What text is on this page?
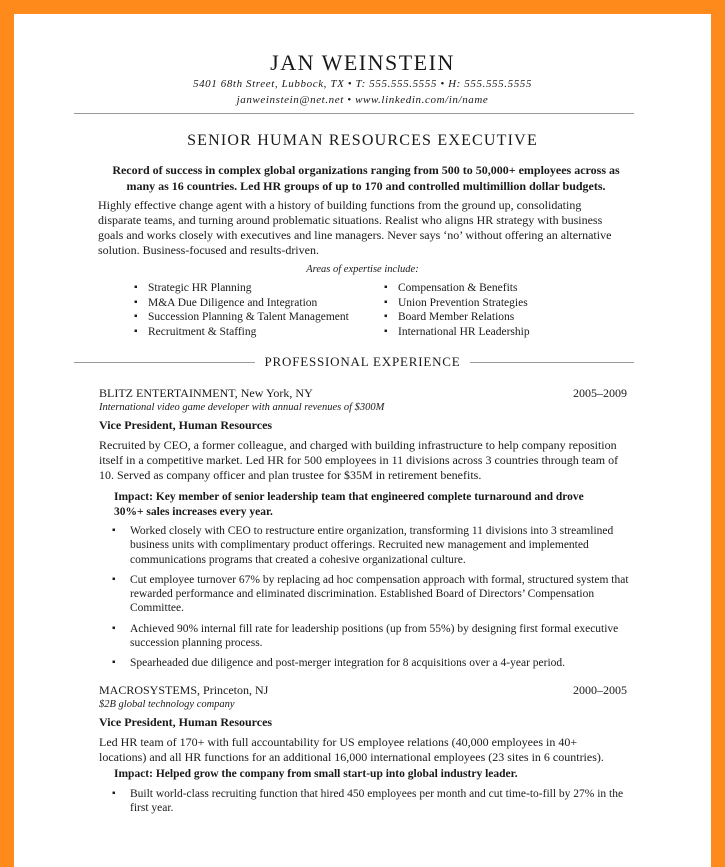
JAN WEINSTEIN
5401 68th Street, Lubbock, TX • T: 555.555.5555 • H: 555.555.5555
janweinstein@net.net • www.linkedin.com/in/name
SENIOR HUMAN RESOURCES EXECUTIVE
Record of success in complex global organizations ranging from 500 to 50,000+ employees across as many as 16 countries. Led HR groups of up to 170 and controlled multimillion dollar budgets.
Highly effective change agent with a history of building functions from the ground up, consolidating disparate teams, and turning around problematic situations. Realist who aligns HR strategy with business goals and works closely with executives and line managers. Never says ‘no’ without offering an alternative solution. Business-focused and results-driven.
Areas of expertise include:
▪ Strategic HR Planning
▪ M&A Due Diligence and Integration
▪ Succession Planning & Talent Management
▪ Recruitment & Staffing
▪ Compensation & Benefits
▪ Union Prevention Strategies
▪ Board Member Relations
▪ International HR Leadership
PROFESSIONAL EXPERIENCE
BLITZ ENTERTAINMENT, New York, NY	2005–2009
International video game developer with annual revenues of $300M
Vice President, Human Resources
Recruited by CEO, a former colleague, and charged with building infrastructure to help company reposition itself in a competitive market. Led HR for 500 employees in 11 divisions across 3 countries through team of 10. Served as company officer and plan trustee for $35M in retirement benefits.
Impact: Key member of senior leadership team that engineered complete turnaround and drove 30%+ sales increases every year.
▪ Worked closely with CEO to restructure entire organization, transforming 11 divisions into 3 streamlined business units with complimentary product offerings. Recruited new management and implemented communications programs that created a cohesive organizational culture.
▪ Cut employee turnover 67% by replacing ad hoc compensation approach with formal, structured system that rewarded performance and eliminated discrimination. Established Board of Directors’ Compensation Committee.
▪ Achieved 90% internal fill rate for leadership positions (up from 55%) by designing first formal executive succession planning process.
▪ Spearheaded due diligence and post-merger integration for 8 acquisitions over a 4-year period.
MACROSYSTEMS, Princeton, NJ	2000–2005
$2B global technology company
Vice President, Human Resources
Led HR team of 170+ with full accountability for US employee relations (40,000 employees in 40+ locations) and all HR functions for an additional 16,000 international employees (23 sites in 6 countries).
Impact: Helped grow the company from small start-up into global industry leader.
▪ Built world-class recruiting function that hired 450 employees per month and cut time-to-fill by 27% in the first year.
